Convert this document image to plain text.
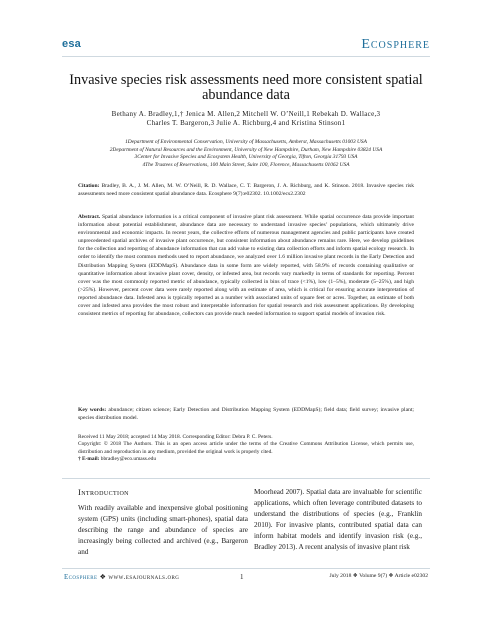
esa	Ecosphere
Invasive species risk assessments need more consistent spatial abundance data
Bethany A. Bradley,1,† Jenica M. Allen,2 Mitchell W. O’Neill,1 Rebekah D. Wallace,3
Charles T. Bargeron,3 Julie A. Richburg,4 and Kristina Stinson1
1Department of Environmental Conservation, University of Massachusetts, Amherst, Massachusetts 01003 USA
2Department of Natural Resources and the Environment, University of New Hampshire, Durham, New Hampshire 03824 USA
3Center for Invasive Species and Ecosystem Health, University of Georgia, Tifton, Georgia 31793 USA
4The Trustees of Reservations, 100 Main Street, Suite 100, Florence, Massachusetts 01062 USA
Citation: Bradley, B. A., J. M. Allen, M. W. O’Neill, R. D. Wallace, C. T. Bargeron, J. A. Richburg, and K. Stinson. 2018. Invasive species risk assessments need more consistent spatial abundance data. Ecosphere 9(7):e02302. 10.1002/ecs2.2302
Abstract. Spatial abundance information is a critical component of invasive plant risk assessment. While spatial occurrence data provide important information about potential establishment, abundance data are necessary to understand invasive species’ populations, which ultimately drive environmental and economic impacts. In recent years, the collective efforts of numerous management agencies and public participants have created unprecedented spatial archives of invasive plant occurrence, but consistent information about abundance remains rare. Here, we develop guidelines for the collection and reporting of abundance information that can add value to existing data collection efforts and inform spatial ecology research. In order to identify the most common methods used to report abundance, we analyzed over 1.6 million invasive plant records in the Early Detection and Distribution Mapping System (EDDMapS). Abundance data in some form are widely reported, with 58.9% of records containing qualitative or quantitative information about invasive plant cover, density, or infested area, but records vary markedly in terms of standards for reporting. Percent cover was the most commonly reported metric of abundance, typically collected in bins of trace (<1%), low (1–5%), moderate (5–25%), and high (>25%). However, percent cover data were rarely reported along with an estimate of area, which is critical for ensuring accurate interpretation of reported abundance data. Infested area is typically reported as a number with associated units of square feet or acres. Together, an estimate of both cover and infested area provides the most robust and interpretable information for spatial research and risk assessment applications. By developing consistent metrics of reporting for abundance, collectors can provide much needed information to support spatial models of invasion risk.
Key words: abundance; citizen science; Early Detection and Distribution Mapping System (EDDMapS); field data; field survey; invasive plant; species distribution model.
Received 11 May 2018; accepted 14 May 2018. Corresponding Editor: Debra P. C. Peters.
Copyright: © 2018 The Authors. This is an open access article under the terms of the Creative Commons Attribution License, which permits use, distribution and reproduction in any medium, provided the original work is properly cited.
† E-mail: bbradley@eco.umass.edu
Introduction
With readily available and inexpensive global positioning system (GPS) units (including smart-phones), spatial data describing the range and abundance of species are increasingly being collected and archived (e.g., Bargeron and
Moorhead 2007). Spatial data are invaluable for scientific applications, which often leverage contributed datasets to understand the distributions of species (e.g., Franklin 2010). For invasive plants, contributed spatial data can inform habitat models and identify invasion risk (e.g., Bradley 2013). A recent analysis of invasive plant risk
Ecosphere ❖ www.esajournals.org	1	July 2018 ❖ Volume 9(7) ❖ Article e02302
